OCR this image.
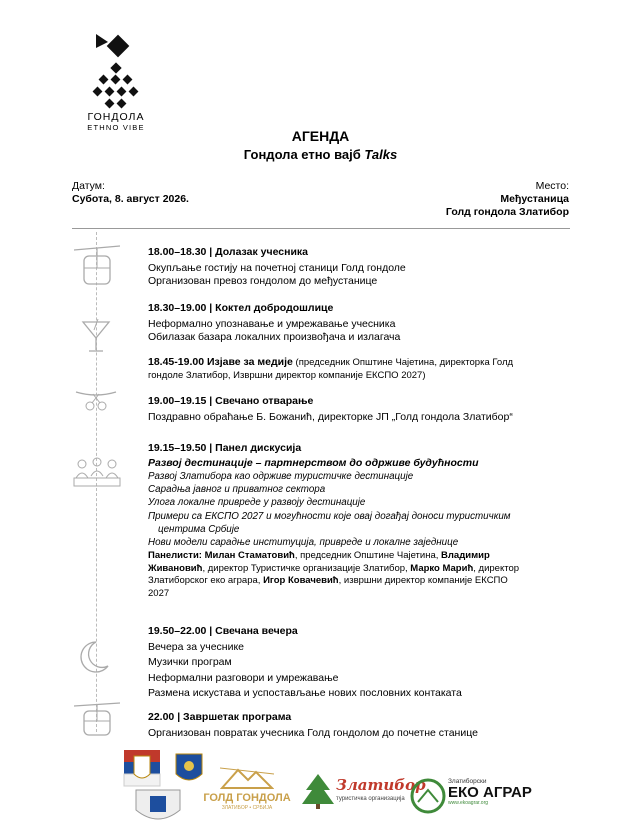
ГОНДОЛА
ETHNO VIBE
АГЕНДА
Гондола етно вајб Talks
Датум:
Субота, 8. август 2026.
Место:
Међустаница
Голд гондола Златибор
18.00–18.30 | Долазак учесника
Окупљање гостију на почетној станици Голд гондоле
Организован превоз гондолом до међустанице
18.30–19.00 | Коктел добродошлице
Неформално упознавање и умрежавање учесника
Обилазак базара локалних произвођача и излагача
18.45-19.00 Изјаве за медије (председник Општине Чајетина, директорка Голд
гондоле Златибор, Извршни директор компаније ЕКСПО 2027)
19.00–19.15 | Свечано отварање
Поздравно обраћање Б. Божанић, директорке ЈП „Голд гондола Златибор“
19.15–19.50 | Панел дискусија
Развој дестинације – партнерством до одрживе будућности
Развој Златибора као одрживе туристичке дестинације
Сарадња јавног и приватног сектора
Улога локалне привреде у развоју дестинације
Примери са ЕКСПО 2027 и могућности које овај догађај доноси туристичким
центрима Србије
Нови модели сарадње институција, привреде и локалне заједнице
Панелисти: Милан Стаматовић, председник Општине Чајетина, Владимир
Живановић, директор Туристичке организације Златибор, Марко Марић, директор
Златиборског еко аграра, Игор Ковачевић, извршни директор компаније ЕКСПО
2027
19.50–22.00 | Свечана вечера
Вечера за учеснике
Музички програм
Неформални разговори и умрежавање
Размена искустава и успостављање нових пословних контаката
22.00 | Завршетак програма
Организован повратак учесника Голд гондолом до почетне станице
ГОЛД ГОНДОЛА
ЗЛАТИБОР • СРБИЈА
Златибор
туристичка организација
Златиборски
ЕКО АГРАР
www.ekoagrar.org
